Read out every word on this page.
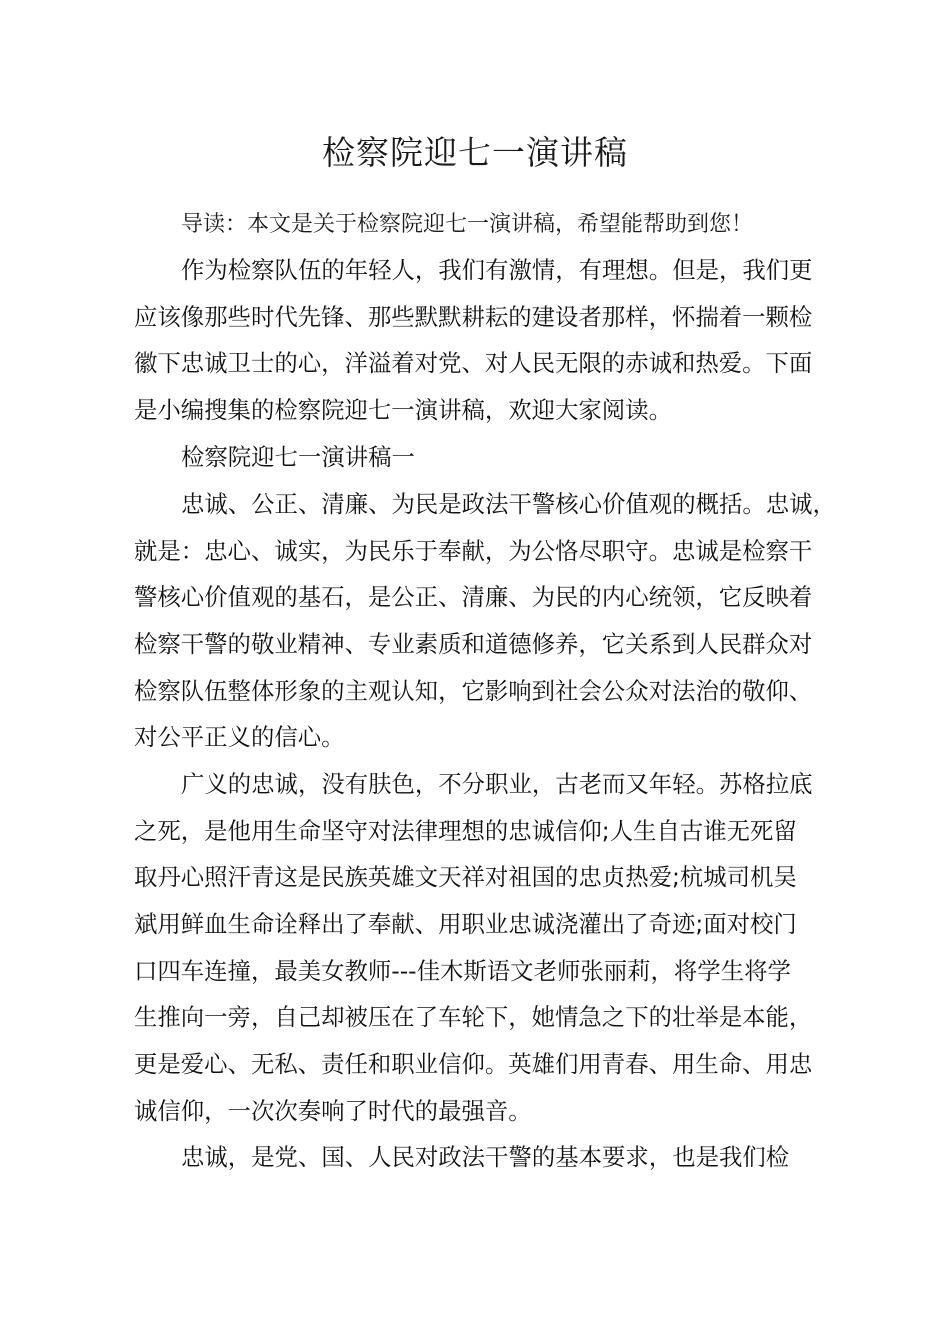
检察院迎七一演讲稿
导读：本文是关于检察院迎七一演讲稿，希望能帮助到您！
作为检察队伍的年轻人，我们有激情，有理想。但是，我们更
应该像那些时代先锋、那些默默耕耘的建设者那样，怀揣着一颗检
徽下忠诚卫士的心，洋溢着对党、对人民无限的赤诚和热爱。下面
是小编搜集的检察院迎七一演讲稿，欢迎大家阅读。
检察院迎七一演讲稿一
忠诚、公正、清廉、为民是政法干警核心价值观的概括。忠诚，
就是：忠心、诚实，为民乐于奉献，为公恪尽职守。忠诚是检察干
警核心价值观的基石，是公正、清廉、为民的内心统领，它反映着
检察干警的敬业精神、专业素质和道德修养，它关系到人民群众对
检察队伍整体形象的主观认知，它影响到社会公众对法治的敬仰、
对公平正义的信心。
广义的忠诚，没有肤色，不分职业，古老而又年轻。苏格拉底
之死，是他用生命坚守对法律理想的忠诚信仰;人生自古谁无死留
取丹心照汗青这是民族英雄文天祥对祖国的忠贞热爱;杭城司机吴
斌用鲜血生命诠释出了奉献、用职业忠诚浇灌出了奇迹;面对校门
口四车连撞，最美女教师---佳木斯语文老师张丽莉，将学生将学
生推向一旁，自己却被压在了车轮下，她情急之下的壮举是本能，
更是爱心、无私、责任和职业信仰。英雄们用青春、用生命、用忠
诚信仰，一次次奏响了时代的最强音。
忠诚，是党、国、人民对政法干警的基本要求，也是我们检
